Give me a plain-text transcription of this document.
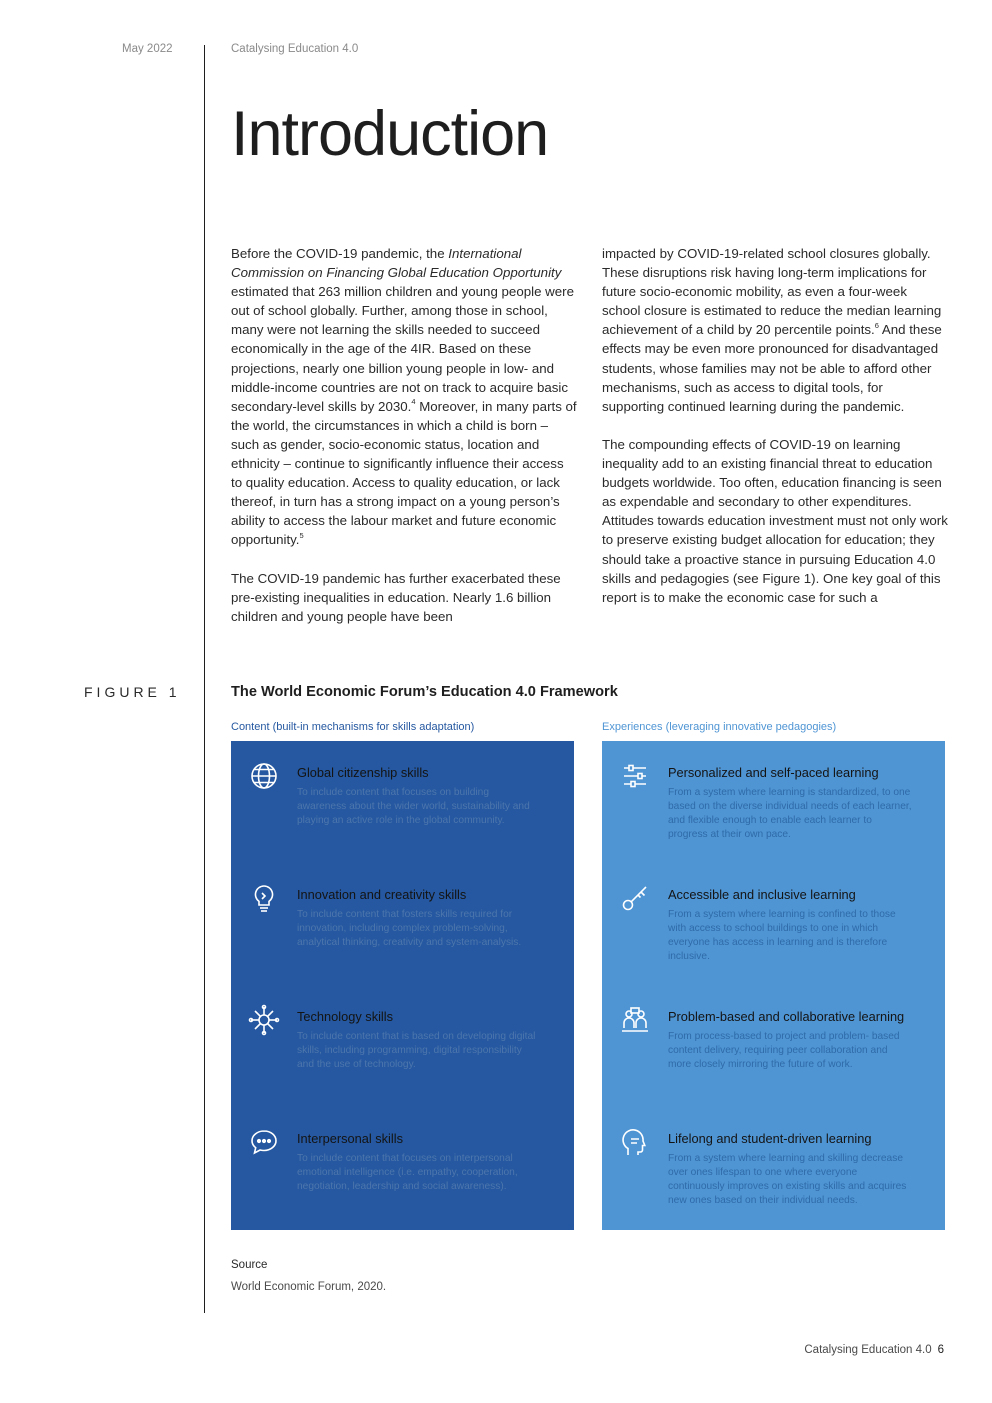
May 2022	Catalysing Education 4.0
Introduction

Before the COVID-19 pandemic, the International Commission on Financing Global Education Opportunity estimated that 263 million children and young people were out of school globally. Further, among those in school, many were not learning the skills needed to succeed economically in the age of the 4IR. Based on these projections, nearly one billion young people in low- and middle-income countries are not on track to acquire basic secondary-level skills by 2030.$^4$ Moreover, in many parts of the world, the circumstances in which a child is born – such as gender, socio-economic status, location and ethnicity – continue to significantly influence their access to quality education. Access to quality education, or lack thereof, in turn has a strong impact on a young person’s ability to access the labour market and future economic opportunity.$^5$

The COVID-19 pandemic has further exacerbated these pre-existing inequalities in education. Nearly 1.6 billion children and young people have been

impacted by COVID-19-related school closures globally. These disruptions risk having long-term implications for future socio-economic mobility, as even a four-week school closure is estimated to reduce the median learning achievement of a child by 20 percentile points.$^6$ And these effects may be even more pronounced for disadvantaged students, whose families may not be able to afford other mechanisms, such as access to digital tools, for supporting continued learning during the pandemic.

The compounding effects of COVID-19 on learning inequality add to an existing financial threat to education budgets worldwide. Too often, education financing is seen as expendable and secondary to other expenditures. Attitudes towards education investment must not only work to preserve existing budget allocation for education; they should take a proactive stance in pursuing Education 4.0 skills and pedagogies (see Figure 1). One key goal of this report is to make the economic case for such a

FIGURE 1	The World Economic Forum’s Education 4.0 Framework
Content (built-in mechanisms for skills adaptation)	Experiences (leveraging innovative pedagogies)
Global citizenship skills
To include content that focuses on building awareness about the wider world, sustainability and playing an active role in the global community.
Innovation and creativity skills
To include content that fosters skills required for innovation, including complex problem-solving, analytical thinking, creativity and system-analysis.
Technology skills
To include content that is based on developing digital skills, including programming, digital responsibility and the use of technology.
Interpersonal skills
To include content that focuses on interpersonal emotional intelligence (i.e. empathy, cooperation, negotiation, leadership and social awareness).
Personalized and self-paced learning
From a system where learning is standardized, to one based on the diverse individual needs of each learner, and flexible enough to enable each learner to progress at their own pace.
Accessible and inclusive learning
From a system where learning is confined to those with access to school buildings to one in which everyone has access in learning and is therefore inclusive.
Problem-based and collaborative learning
From process-based to project and problem- based content delivery, requiring peer collaboration and more closely mirroring the future of work.
Lifelong and student-driven learning
From a system where learning and skilling decrease over ones lifespan to one where everyone continuously improves on existing skills and acquires new ones based on their individual needs.
Source
World Economic Forum, 2020.
Catalysing Education 4.0 6
